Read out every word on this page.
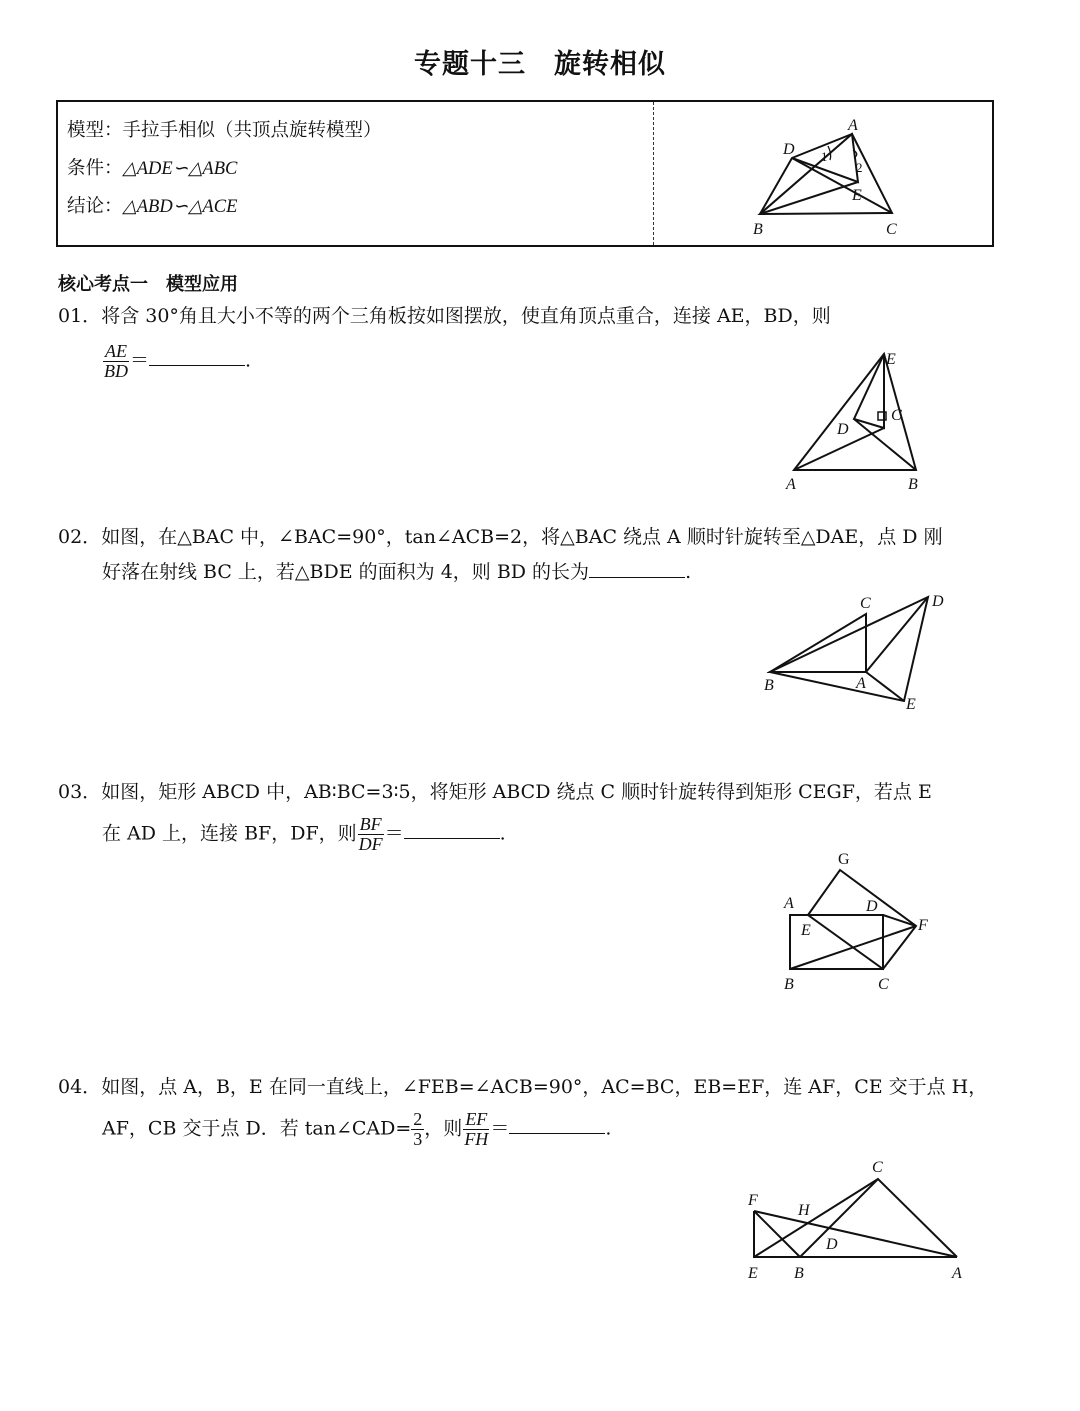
专题十三　旋转相似
模型：手拉手相似（共顶点旋转模型）
条件：△ADE∽△ABC
结论：△ABD∽△ACE
A
D 1
2
E
B	C
核心考点一　模型应用
01．将含 30°角且大小不等的两个三角板按如图摆放，使直角顶点重合，连接 AE，BD，则
$\frac{AE}{BD}$ ＝	.	E
C
D
A	B
02．如图，在△BAC 中，∠BAC=90°，tan∠ACB=2，将△BAC 绕点 A 顺时针旋转至△DAE，点 D 刚
好落在射线 BC 上，若△BDE 的面积为 4，则 BD 的长为	.
C	D
B	A
E
03．如图，矩形 ABCD 中，AB∶BC=3∶5，将矩形 ABCD 绕点 C 顺时针旋转得到矩形 CEGF，若点 E
在 AD 上，连接 BF，DF，则 $\frac{BF}{DF}$ ＝	.
G
A	D
F
E
B	C
04．如图，点 A，B，E 在同一直线上，∠FEB=∠ACB=90°，AC=BC，EB=EF，连 AF，CE 交于点 H，
AF，CB 交于点 D．若 tan∠CAD= $\frac{2}{3}$ ，则 $\frac{EF}{FH}$ ＝	.
C
F
H
D
E B	A
